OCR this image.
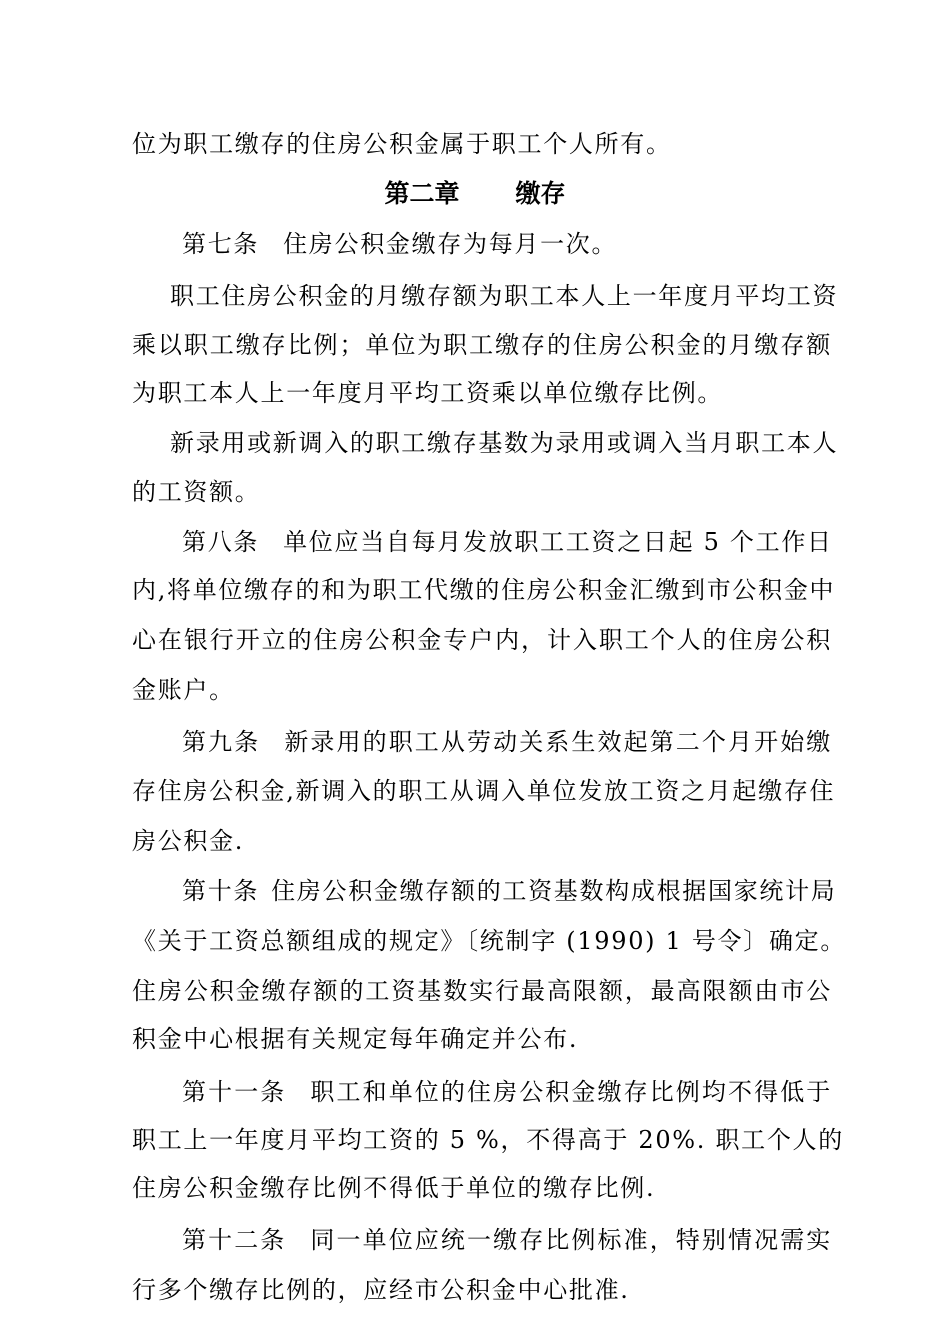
位为职工缴存的住房公积金属于职工个人所有。
第二章 缴存
第七条 住房公积金缴存为每月一次。
职工住房公积金的月缴存额为职工本人上一年度月平均工资
乘以职工缴存比例；单位为职工缴存的住房公积金的月缴存额
为职工本人上一年度月平均工资乘以单位缴存比例。
新录用或新调入的职工缴存基数为录用或调入当月职工本人
的工资额。
第八条 单位应当自每月发放职工工资之日起 5 个工作日
内,将单位缴存的和为职工代缴的住房公积金汇缴到市公积金中
心在银行开立的住房公积金专户内，计入职工个人的住房公积
金账户。
第九条 新录用的职工从劳动关系生效起第二个月开始缴
存住房公积金,新调入的职工从调入单位发放工资之月起缴存住
房公积金.
第十条 住房公积金缴存额的工资基数构成根据国家统计局
《关于工资总额组成的规定》〔统制字 (1990) 1 号令〕确定。
住房公积金缴存额的工资基数实行最高限额，最高限额由市公
积金中心根据有关规定每年确定并公布.
第十一条 职工和单位的住房公积金缴存比例均不得低于
职工上一年度月平均工资的 5 %，不得高于 20%. 职工个人的
住房公积金缴存比例不得低于单位的缴存比例.
第十二条 同一单位应统一缴存比例标准，特别情况需实
行多个缴存比例的，应经市公积金中心批准.
